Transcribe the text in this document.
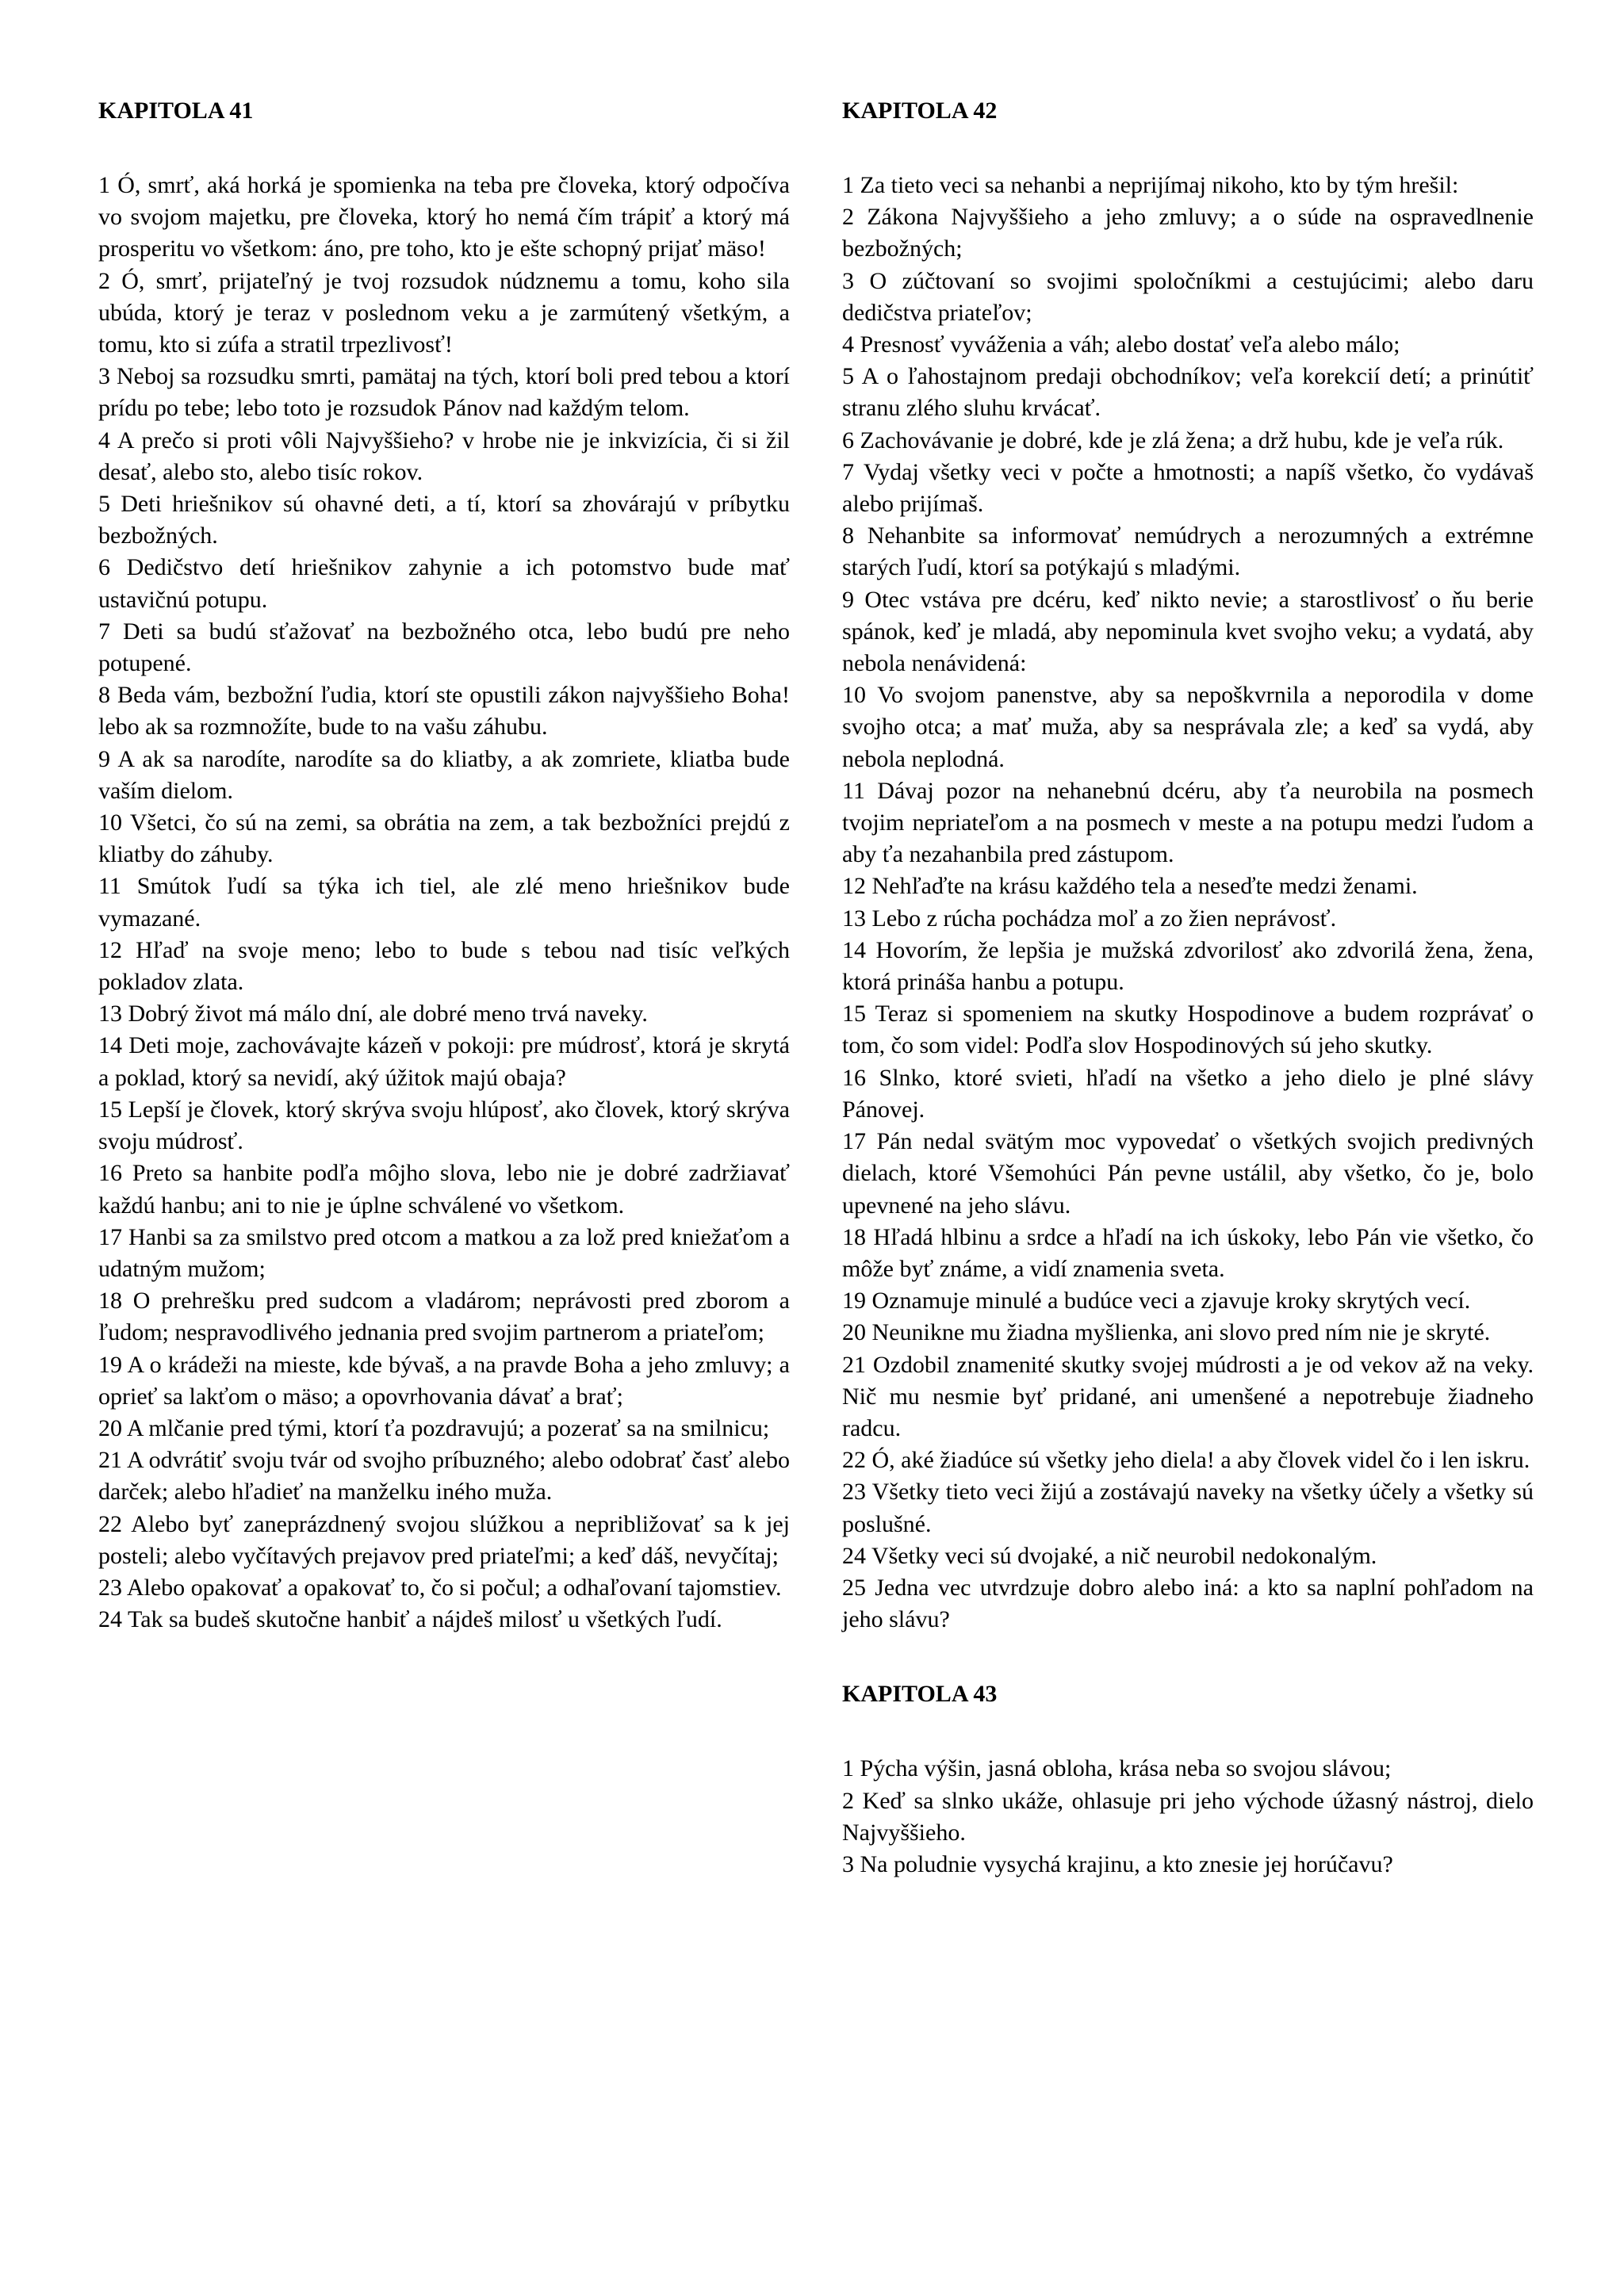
KAPITOLA 41

1 Ó, smrť, aká horká je spomienka na teba pre človeka, ktorý odpočíva vo svojom majetku, pre človeka, ktorý ho nemá čím trápiť a ktorý má prosperitu vo všetkom: áno, pre toho, kto je ešte schopný prijať mäso!

2 Ó, smrť, prijateľný je tvoj rozsudok núdznemu a tomu, koho sila ubúda, ktorý je teraz v poslednom veku a je zarmútený všetkým, a tomu, kto si zúfa a stratil trpezlivosť!

3 Neboj sa rozsudku smrti, pamätaj na tých, ktorí boli pred tebou a ktorí prídu po tebe; lebo toto je rozsudok Pánov nad každým telom.

4 A prečo si proti vôli Najvyššieho? v hrobe nie je inkvizícia, či si žil desať, alebo sto, alebo tisíc rokov.

5 Deti hriešnikov sú ohavné deti, a tí, ktorí sa zhovárajú v príbytku bezbožných.

6 Dedičstvo detí hriešnikov zahynie a ich potomstvo bude mať ustavičnú potupu.

7 Deti sa budú sťažovať na bezbožného otca, lebo budú pre neho potupené.

8 Beda vám, bezbožní ľudia, ktorí ste opustili zákon najvyššieho Boha! lebo ak sa rozmnožíte, bude to na vašu záhubu.

9 A ak sa narodíte, narodíte sa do kliatby, a ak zomriete, kliatba bude vaším dielom.

10 Všetci, čo sú na zemi, sa obrátia na zem, a tak bezbožníci prejdú z kliatby do záhuby.

11 Smútok ľudí sa týka ich tiel, ale zlé meno hriešnikov bude vymazané.

12 Hľaď na svoje meno; lebo to bude s tebou nad tisíc veľkých pokladov zlata.

13 Dobrý život má málo dní, ale dobré meno trvá naveky.

14 Deti moje, zachovávajte kázeň v pokoji: pre múdrosť, ktorá je skrytá a poklad, ktorý sa nevidí, aký úžitok majú obaja?

15 Lepší je človek, ktorý skrýva svoju hlúposť, ako človek, ktorý skrýva svoju múdrosť.

16 Preto sa hanbite podľa môjho slova, lebo nie je dobré zadržiavať každú hanbu; ani to nie je úplne schválené vo všetkom.

17 Hanbi sa za smilstvo pred otcom a matkou a za lož pred kniežaťom a udatným mužom;

18 O prehrešku pred sudcom a vladárom; neprávosti pred zborom a ľudom; nespravodlivého jednania pred svojim partnerom a priateľom;

19 A o krádeži na mieste, kde bývaš, a na pravde Boha a jeho zmluvy; a oprieť sa lakťom o mäso; a opovrhovania dávať a brať;

20 A mlčanie pred tými, ktorí ťa pozdravujú; a pozerať sa na smilnicu;

21 A odvrátiť svoju tvár od svojho príbuzného; alebo odobrať časť alebo darček; alebo hľadieť na manželku iného muža.

22 Alebo byť zaneprázdnený svojou slúžkou a nepribližovať sa k jej posteli; alebo vyčítavých prejavov pred priateľmi; a keď dáš, nevyčítaj;

23 Alebo opakovať a opakovať to, čo si počul; a odhaľovaní tajomstiev.

24 Tak sa budeš skutočne hanbiť a nájdeš milosť u všetkých ľudí.

KAPITOLA 42

1 Za tieto veci sa nehanbi a neprijímaj nikoho, kto by tým hrešil:

2 Zákona Najvyššieho a jeho zmluvy; a o súde na ospravedlnenie bezbožných;

3 O zúčtovaní so svojimi spoločníkmi a cestujúcimi; alebo daru dedičstva priateľov;

4 Presnosť vyváženia a váh; alebo dostať veľa alebo málo;

5 A o ľahostajnom predaji obchodníkov; veľa korekcií detí; a prinútiť stranu zlého sluhu krvácať.

6 Zachovávanie je dobré, kde je zlá žena; a drž hubu, kde je veľa rúk.

7 Vydaj všetky veci v počte a hmotnosti; a napíš všetko, čo vydávaš alebo prijímaš.

8 Nehanbite sa informovať nemúdrych a nerozumných a extrémne starých ľudí, ktorí sa potýkajú s mladými.

9 Otec vstáva pre dcéru, keď nikto nevie; a starostlivosť o ňu berie spánok, keď je mladá, aby nepominula kvet svojho veku; a vydatá, aby nebola nenávidená:

10 Vo svojom panenstve, aby sa nepoškvrnila a neporodila v dome svojho otca; a mať muža, aby sa nesprávala zle; a keď sa vydá, aby nebola neplodná.

11 Dávaj pozor na nehanebnú dcéru, aby ťa neurobila na posmech tvojim nepriateľom a na posmech v meste a na potupu medzi ľudom a aby ťa nezahanbila pred zástupom.

12 Nehľaďte na krásu každého tela a neseďte medzi ženami.

13 Lebo z rúcha pochádza moľ a zo žien neprávosť.

14 Hovorím, že lepšia je mužská zdvorilosť ako zdvorilá žena, žena, ktorá prináša hanbu a potupu.

15 Teraz si spomeniem na skutky Hospodinove a budem rozprávať o tom, čo som videl: Podľa slov Hospodinových sú jeho skutky.

16 Slnko, ktoré svieti, hľadí na všetko a jeho dielo je plné slávy Pánovej.

17 Pán nedal svätým moc vypovedať o všetkých svojich predivných dielach, ktoré Všemohúci Pán pevne ustálil, aby všetko, čo je, bolo upevnené na jeho slávu.

18 Hľadá hlbinu a srdce a hľadí na ich úskoky, lebo Pán vie všetko, čo môže byť známe, a vidí znamenia sveta.

19 Oznamuje minulé a budúce veci a zjavuje kroky skrytých vecí.

20 Neunikne mu žiadna myšlienka, ani slovo pred ním nie je skryté.

21 Ozdobil znamenité skutky svojej múdrosti a je od vekov až na veky. Nič mu nesmie byť pridané, ani umenšené a nepotrebuje žiadneho radcu.

22 Ó, aké žiadúce sú všetky jeho diela! a aby človek videl čo i len iskru.

23 Všetky tieto veci žijú a zostávajú naveky na všetky účely a všetky sú poslušné.

24 Všetky veci sú dvojaké, a nič neurobil nedokonalým.

25 Jedna vec utvrdzuje dobro alebo iná: a kto sa naplní pohľadom na jeho slávu?

KAPITOLA 43

1 Pýcha výšin, jasná obloha, krása neba so svojou slávou;

2 Keď sa slnko ukáže, ohlasuje pri jeho východe úžasný nástroj, dielo Najvyššieho.

3 Na poludnie vysychá krajinu, a kto znesie jej horúčavu?
